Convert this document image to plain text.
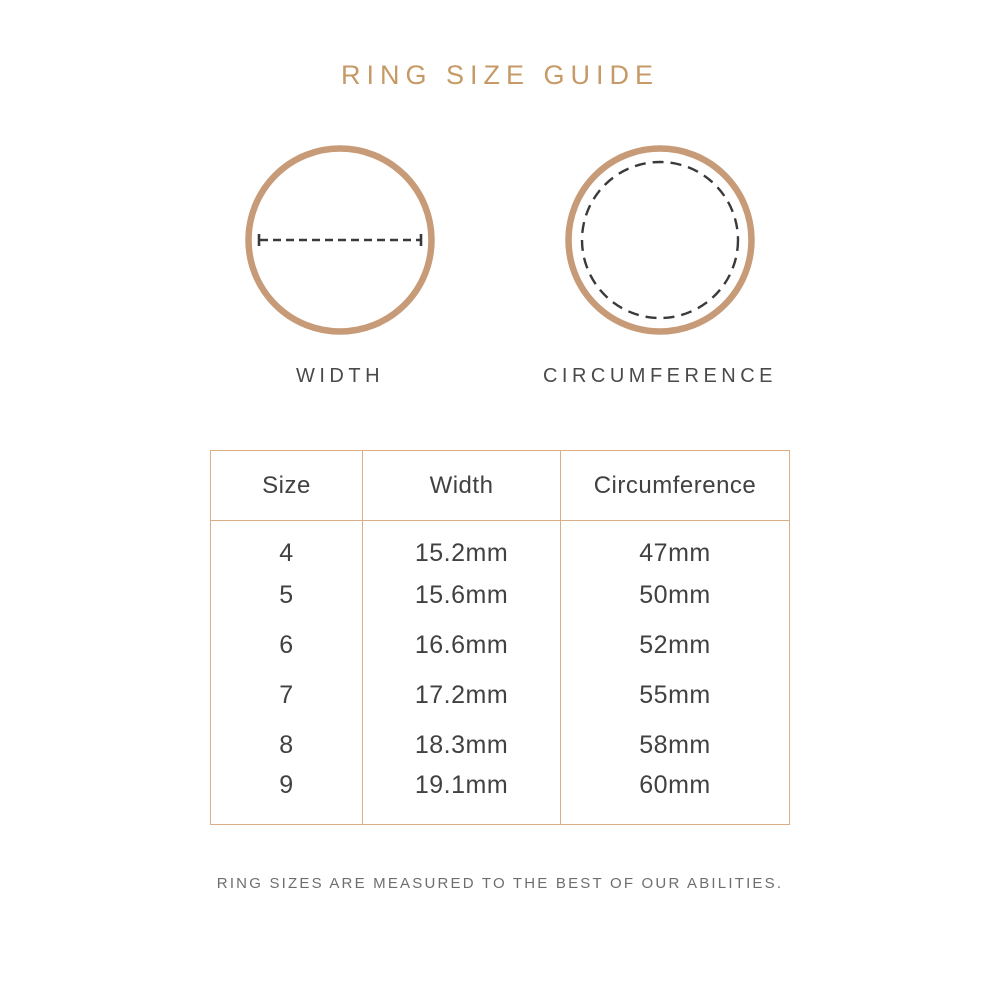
RING SIZE GUIDE
WIDTH	CIRCUMFERENCE
Size	Width	Circumference
4	15.2mm	47mm
5	15.6mm	50mm
6	16.6mm	52mm
7	17.2mm	55mm
8	18.3mm	58mm
9	19.1mm	60mm

RING SIZES ARE MEASURED TO THE BEST OF OUR ABILITIES.
